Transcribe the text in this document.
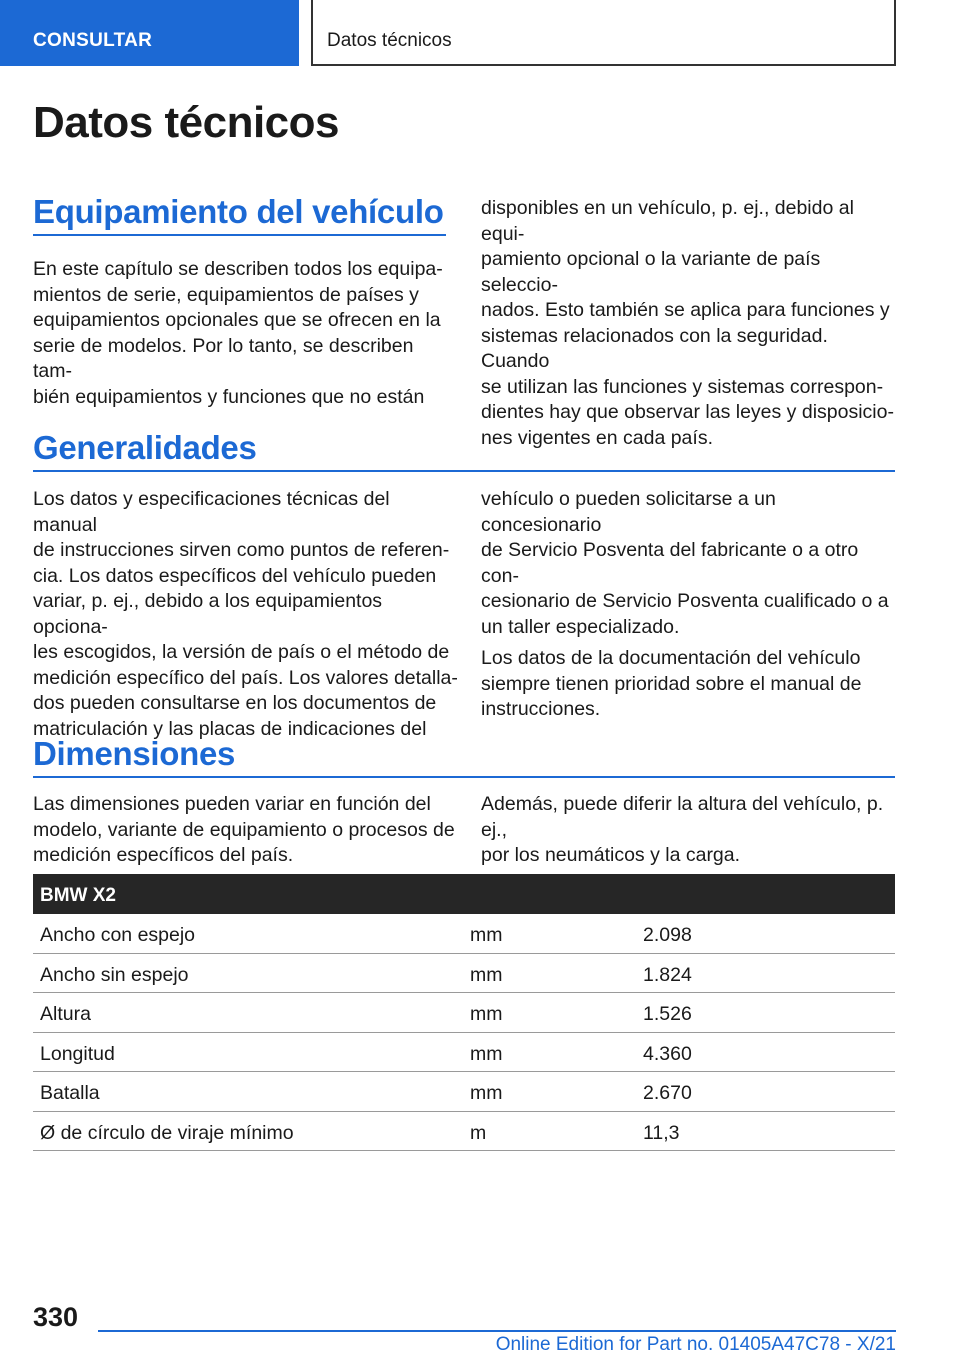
CONSULTAR	Datos técnicos
Datos técnicos
Equipamiento del vehículo
En este capítulo se describen todos los equipa-
mientos de serie, equipamientos de países y
equipamientos opcionales que se ofrecen en la
serie de modelos. Por lo tanto, se describen tam-
bién equipamientos y funciones que no están
disponibles en un vehículo, p. ej., debido al equi-
pamiento opcional o la variante de país seleccio-
nados. Esto también se aplica para funciones y
sistemas relacionados con la seguridad. Cuando
se utilizan las funciones y sistemas correspon-
dientes hay que observar las leyes y disposicio-
nes vigentes en cada país.
Generalidades
Los datos y especificaciones técnicas del manual
de instrucciones sirven como puntos de referen-
cia. Los datos específicos del vehículo pueden
variar, p. ej., debido a los equipamientos opciona-
les escogidos, la versión de país o el método de
medición específico del país. Los valores detalla-
dos pueden consultarse en los documentos de
matriculación y las placas de indicaciones del

vehículo o pueden solicitarse a un concesionario
de Servicio Posventa del fabricante o a otro con-
cesionario de Servicio Posventa cualificado o a
un taller especializado.

Los datos de la documentación del vehículo
siempre tienen prioridad sobre el manual de
instrucciones.

Dimensiones
Las dimensiones pueden variar en función del
modelo, variante de equipamiento o procesos de
medición específicos del país.
Además, puede diferir la altura del vehículo, p. ej.,
por los neumáticos y la carga.
BMW X2
Ancho con espejo	mm	2.098
Ancho sin espejo	mm	1.824
Altura	mm	1.526
Longitud	mm	4.360
Batalla	mm	2.670
Ø de círculo de viraje mínimo	m	11,3
330
Online Edition for Part no. 01405A47C78 - X/21
